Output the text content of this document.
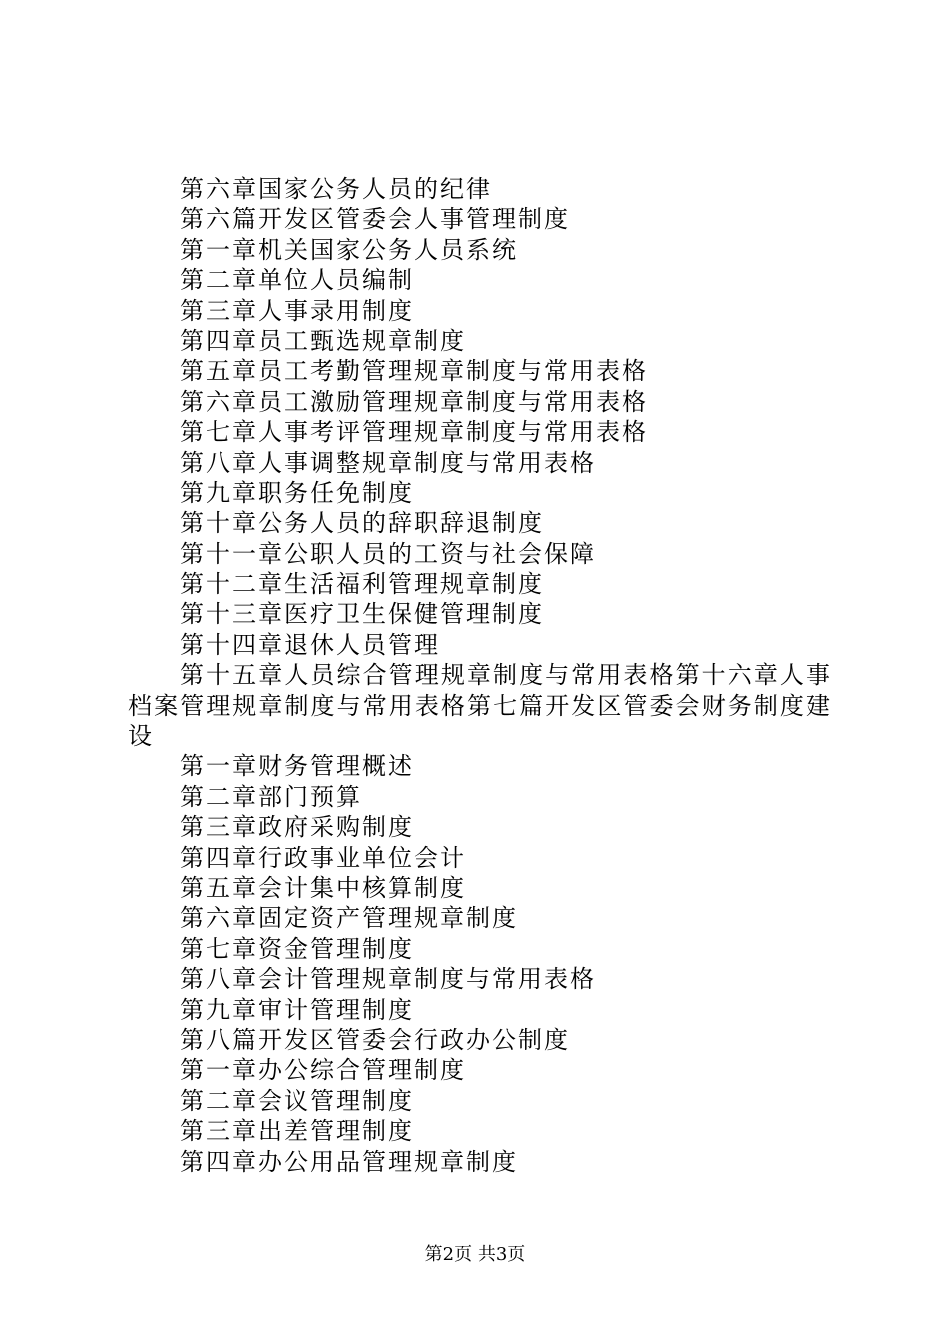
第六章国家公务人员的纪律
第六篇开发区管委会人事管理制度
第一章机关国家公务人员系统
第二章单位人员编制
第三章人事录用制度
第四章员工甄选规章制度
第五章员工考勤管理规章制度与常用表格
第六章员工激励管理规章制度与常用表格
第七章人事考评管理规章制度与常用表格
第八章人事调整规章制度与常用表格
第九章职务任免制度
第十章公务人员的辞职辞退制度
第十一章公职人员的工资与社会保障
第十二章生活福利管理规章制度
第十三章医疗卫生保健管理制度
第十四章退休人员管理
第十五章人员综合管理规章制度与常用表格第十六章人事档案管理规章制度与常用表格第七篇开发区管委会财务制度建设
第一章财务管理概述
第二章部门预算
第三章政府采购制度
第四章行政事业单位会计
第五章会计集中核算制度
第六章固定资产管理规章制度
第七章资金管理制度
第八章会计管理规章制度与常用表格
第九章审计管理制度
第八篇开发区管委会行政办公制度
第一章办公综合管理制度
第二章会议管理制度
第三章出差管理制度
第四章办公用品管理规章制度
第2页 共3页
